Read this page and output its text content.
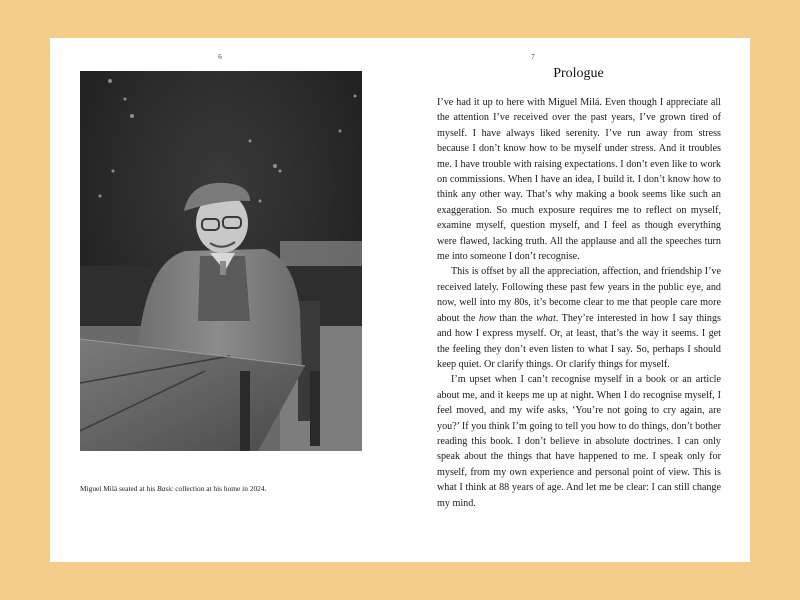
6
Miguel Milá seated at his Basic collection at his home in 2024.
7
Prologue

I’ve had it up to here with Miguel Milá. Even though I appreciate all the attention I’ve received over the past years, I’ve grown tired of myself. I have always liked serenity. I’ve run away from stress because I don’t know how to be myself under stress. And it troubles me. I have trouble with raising expectations. I don’t even like to work on commissions. When I have an idea, I build it. I don’t know how to think any other way. That’s why making a book seems like such an exaggeration. So much exposure requires me to reflect on myself, examine myself, question myself, and I feel as though everything were flawed, lacking truth. All the applause and all the speeches turn me into someone I don’t recognise.

This is offset by all the appreciation, affection, and friendship I’ve received lately. Following these past few years in the public eye, and now, well into my 80s, it’s become clear to me that people care more about the how than the what. They’re interested in how I say things and how I express myself. Or, at least, that’s the way it seems. I get the feeling they don’t even listen to what I say. So, perhaps I should keep quiet. Or clarify things. Or clarify things for myself.

I’m upset when I can’t recognise myself in a book or an article about me, and it keeps me up at night. When I do recognise myself, I feel moved, and my wife asks, ‘You’re not going to cry again, are you?’ If you think I’m going to tell you how to do things, don’t bother reading this book. I don’t believe in absolute doctrines. I can only speak about the things that have happened to me. I speak only for myself, from my own experience and personal point of view. This is what I think at 88 years of age. And let me be clear: I can still change my mind.
